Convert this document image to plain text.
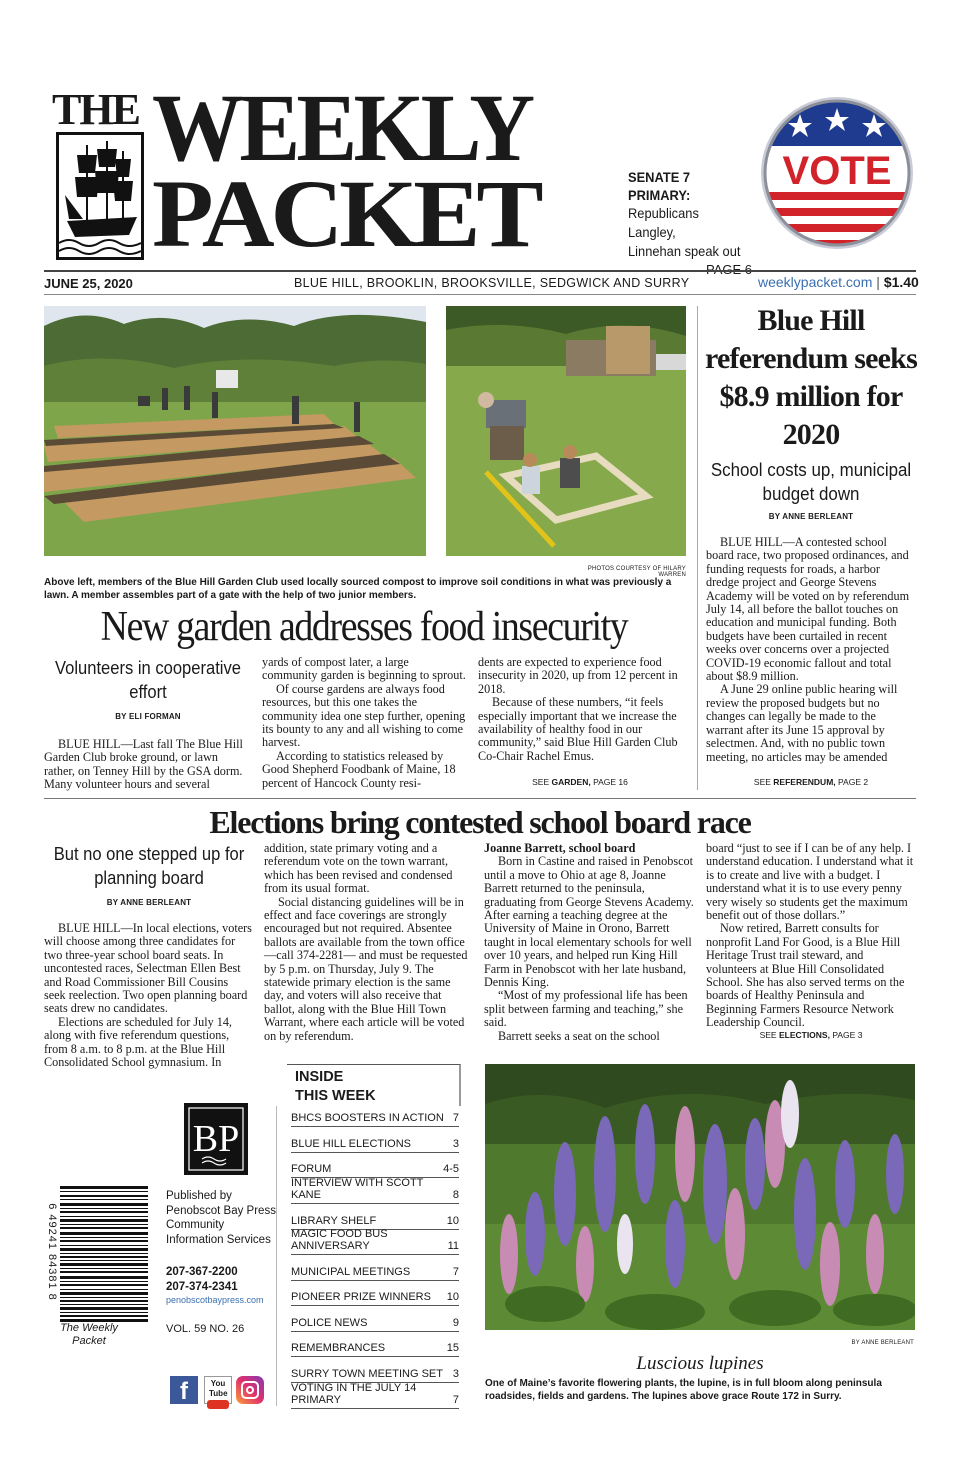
THE WEEKLY
PACKET	SENATE 7 PRIMARY:
Republicans Langley,
Linnehan speak out
VOTE
JUNE 25, 2020	BLUE HILL, BROOKLIN, BROOKSVILLE, SEDGWICK AND SURRY	weeklypacket.com | $1.40
PHOTOS COURTESY OF HILARY WARREN
Above left, members of the Blue Hill Garden Club used locally sourced compost to improve soil conditions in what was previously a lawn. A member assembles part of a gate with the help of two junior members.
New garden addresses food insecurity
Volunteers in cooperative effort
BY ELI FORMAN

BLUE HILL—Last fall The Blue Hill Garden Club broke ground, or lawn rather, on Tenney Hill by the GSA dorm. Many volunteer hours and several

yards of compost later, a large community garden is beginning to sprout.

Of course gardens are always food resources, but this one takes the community idea one step further, opening its bounty to any and all wishing to come harvest.

According to statistics released by Good Shepherd Foodbank of Maine, 18 percent of Hancock County resi-

dents are expected to experience food insecurity in 2020, up from 12 percent in 2018.

Because of these numbers, “it feels especially important that we increase the availability of healthy food in our community,” said Blue Hill Garden Club Co-Chair Rachel Emus.

SEE GARDEN, PAGE 16
Blue Hill referendum seeks $8.9 million for 2020
School costs up, municipal budget down
BY ANNE BERLEANT

BLUE HILL—A contested school board race, two proposed ordinances, and funding requests for roads, a harbor dredge project and George Stevens Academy will be voted on by referendum July 14, all before the ballot touches on education and municipal funding. Both budgets have been curtailed in recent weeks over concerns over a projected COVID-19 economic fallout and total about $8.9 million.

A June 29 online public hearing will review the proposed budgets but no changes can legally be made to the warrant after its June 15 approval by selectmen. And, with no public town meeting, no articles may be amended

SEE REFERENDUM, PAGE 2
Elections bring contested school board race
But no one stepped up for planning board
BY ANNE BERLEANT

BLUE HILL—In local elections, voters will choose among three candidates for two three-year school board seats. In uncontested races, Selectman Ellen Best and Road Commissioner Bill Cousins seek reelection. Two open planning board seats drew no candidates.

Elections are scheduled for July 14, along with five referendum questions, from 8 a.m. to 8 p.m. at the Blue Hill Consolidated School gymnasium. In

addition, state primary voting and a referendum vote on the town warrant, which has been revised and condensed from its usual format.

Social distancing guidelines will be in effect and face coverings are strongly encouraged but not required. Absentee ballots are available from the town office—call 374-2281— and must be requested by 5 p.m. on Thursday, July 9. The statewide primary election is the same day, and voters will also receive that ballot, along with the Blue Hill Town Warrant, where each article will be voted on by referendum.

Joanne Barrett, school board

Born in Castine and raised in Penobscot until a move to Ohio at age 8, Joanne Barrett returned to the peninsula, graduating from George Stevens Academy. After earning a teaching degree at the University of Maine in Orono, Barrett taught in local elementary schools for well over 10 years, and helped run King Hill Farm in Penobscot with her late husband, Dennis King.

“Most of my professional life has been split between farming and teaching,” she said.

Barrett seeks a seat on the school

board “just to see if I can be of any help. I understand education. I understand what it is to create and live with a budget. I understand what it is to use every penny very wisely so students get the maximum benefit out of those dollars.”

Now retired, Barrett consults for nonprofit Land For Good, is a Blue Hill Heritage Trust trail steward, and volunteers at Blue Hill Consolidated School. She has also served terms on the boards of Healthy Peninsula and Beginning Farmers Resource Network Leadership Council.

SEE ELECTIONS, PAGE 3
BP
6 49241 84381 8
The Weekly Packet
Published by
Penobscot Bay Press
Community
Information Services
207-367-2200
207-374-2341
penobscotbaypress.com
VOL. 59 NO. 26
f	You Tube
INSIDE
THIS WEEK
BHCS BOOSTERS IN ACTION 7
BLUE HILL ELECTIONS	3
FORUM	4-5
INTERVIEW WITH SCOTT KANE	8
LIBRARY SHELF	10
MAGIC FOOD BUS ANNIVERSARY	11
MUNICIPAL MEETINGS	7
PIONEER PRIZE WINNERS 10
POLICE NEWS	9
REMEMBRANCES	15
SURRY TOWN MEETING SET 3
VOTING IN THE JULY 14 PRIMARY	7
BY ANNE BERLEANT
Luscious lupines
One of Maine’s favorite flowering plants, the lupine, is in full bloom along peninsula roadsides, fields and gardens. The lupines above grace Route 172 in Surry.
